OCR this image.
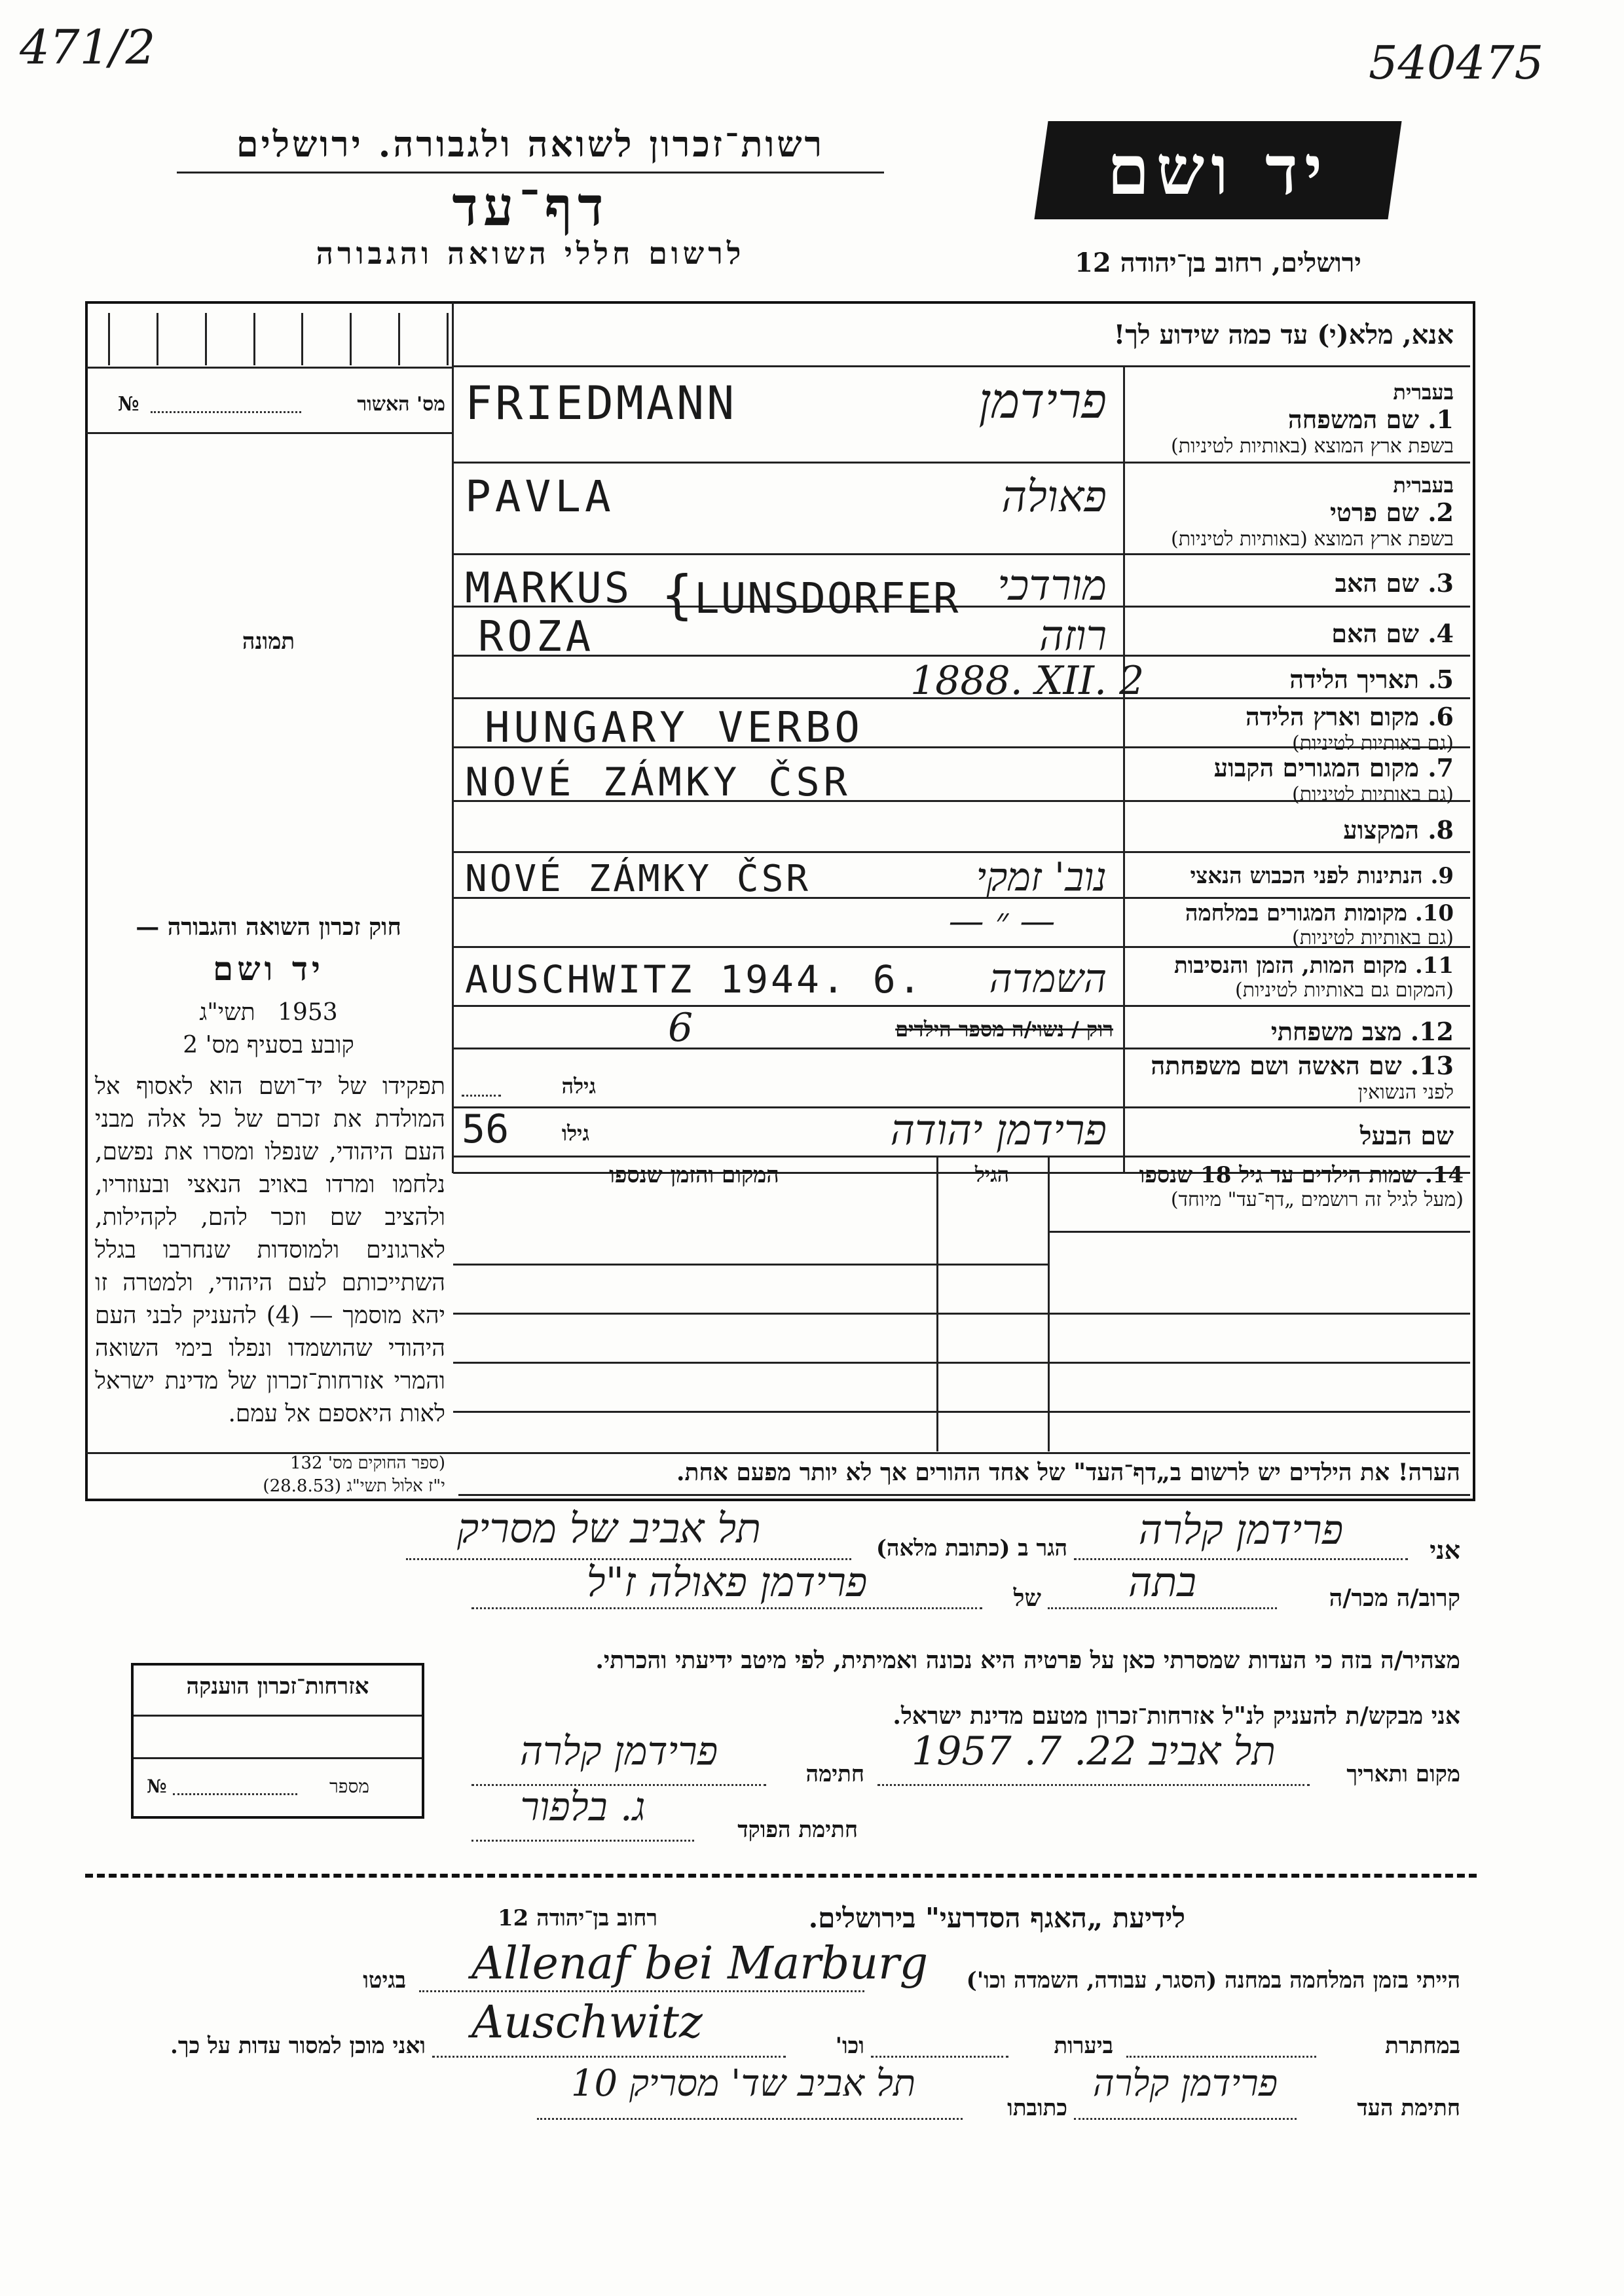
471/2	540475
רשות־זכרון לשואה ולגבורה. ירושלים
דף־עד
לרשום חללי השואה והגבורה
יד ושם
ירושלים, רחוב בן־יהודה 12
אנא, מלא(י) עד כמה שידוע לך!
מס' האשור
№
תמונה
בעברית
1. שם המשפחה
בשפת ארץ המוצא (באותיות לטיניות)
FRIEDMANN	פרידמן
בעברית
2. שם פרטי
בשפת ארץ המוצא (באותיות לטיניות)
PAVLA	פאולה
3. שם האב
MARKUS {LUNSDORFER מורדכי
4. שם האם
ROZA	רוזה
5. תאריך הלידה
1888. XII. 2
6. מקום וארץ הלידה
(גם באותיות לטיניות)
HUNGARY VERBO
7. מקום המגורים הקבוע
(גם באותיות לטיניות)
NOVÉ ZÁMKY ČSR
8. המקצוע
9. הנתינות לפני הכבוש הנאצי
NOVÉ ZÁMKY ČSR	נוב' זמקי
10. מקומות המגורים במלחמה
(גם באותיות לטיניות)
— ״ —
11. מקום המות, הזמן והנסיבות
(המקום גם באותיות לטיניות)
AUSCHWITZ 1944. 6.	השמדה
12. מצב משפחתי
רוק / נשוי/ה מספר הילדים
6
13. שם האשה ושם משפחתה
לפני הנשואין
גילה
שם הבעל
פרידמן יהודה
גילו
56
14. שמות הילדים עד גיל 18 שנספו
(מעל לגיל זה רושמים „דף־עד" מיוחד)
הגיל
המקום והזמן שנספו
הערה! את הילדים יש לרשום ב„דף־העד" של אחד ההורים אך לא יותר מפעם אחת.
חוק זכרון השואה והגבורה —
יד ושם
תשי"ג 1953
קובע בסעיף מס' 2
תפקידו של יד־ושם הוא לאסוף אל המולדת את זכרם של כל אלה מבני העם היהודי, שנפלו ומסרו את נפשם, נלחמו ומרדו באויב הנאצי ובעוזריו, ולהציב שם וזכר להם, לקהילות, לארגונים ולמוסדות שנחרבו בגלל השתייכותם לעם היהודי, ולמטרה זו יהא מוסמך — (4) להעניק לבני העם היהודי שהושמדו ונפלו בימי השואה והמרי אזרחות־זכרון של מדינת ישראל לאות היאספם אל עמם.
(ספר החוקים מס' 132
י"ז אלול תשי"ג (28.8.53)
אני
פרידמן קלרה
הגר ב (כתובת מלאה)
תל אביב של מסריק
קרוב/ה מכר/ה
בתה
של
פרידמן פאולה ז"ל
מצהיר/ה בזה כי העדות שמסרתי כאן על פרטיה היא נכונה ואמיתית, לפי מיטב ידיעתי והכרתי.
אני מבקש/ת להעניק לנ"ל אזרחות־זכרון מטעם מדינת ישראל.
מקום ותאריך
תל אביב 22. 7. 1957
חתימה
פרידמן קלרה
חתימת הפוקד
ג. בלפור
אזרחות־זכרון הוענקה
מספר
№
לידיעת „האגף הסדרעי" בירושלים.
רחוב בן־יהודה 12
הייתי בזמן המלחמה במחנה (הסגר, עבודה, השמדה וכו')
Allenaf bei Marburg
בגיטו
במחתרת
ביערות
וכו'
Auschwitz
ואני מוכן למסור עדות על כך.
חתימת העד
פרידמן קלרה
כתובתו
תל אביב שד' מסריק 10
